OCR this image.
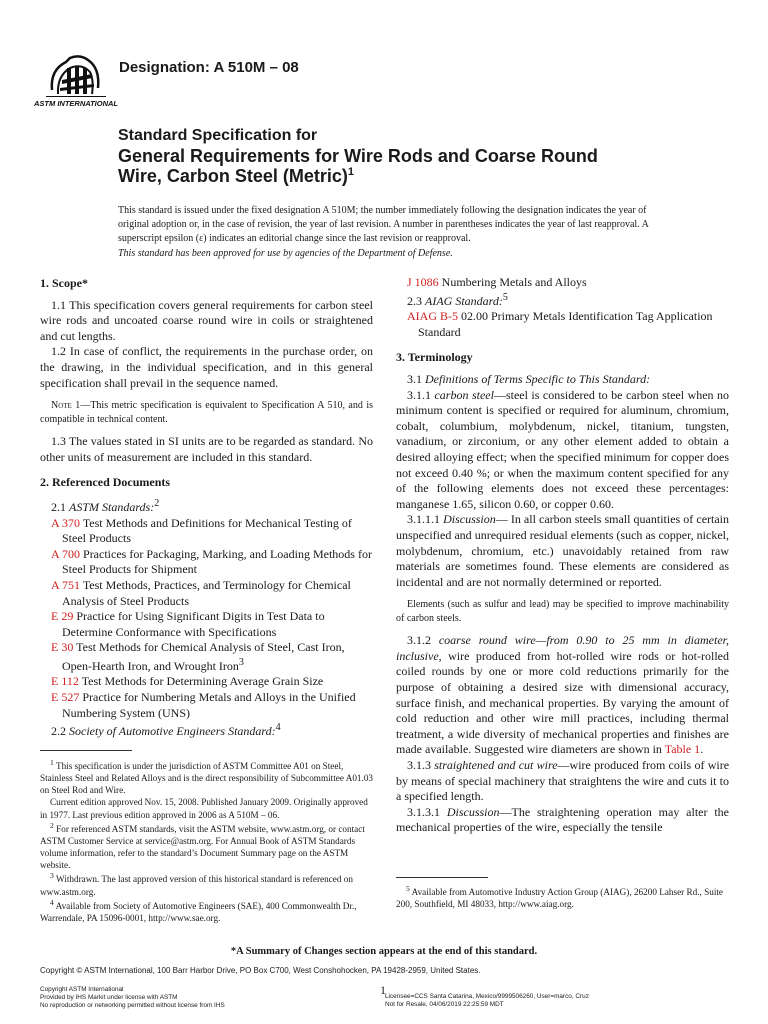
ASTM INTERNATIONAL
Designation: A 510M – 08
Standard Specification for
General Requirements for Wire Rods and Coarse Round
Wire, Carbon Steel (Metric)$^1$
This standard is issued under the fixed designation A 510M; the number immediately following the designation indicates the year of original adoption or, in the case of revision, the year of last revision. A number in parentheses indicates the year of last reapproval. A superscript epsilon (ε) indicates an editorial change since the last revision or reapproval.
This standard has been approved for use by agencies of the Department of Defense.

1. Scope*

1.1 This specification covers general requirements for carbon steel wire rods and uncoated coarse round wire in coils or straightened and cut lengths.

1.2 In case of conflict, the requirements in the purchase order, on the drawing, in the individual specification, and in this general specification shall prevail in the sequence named.

Note 1—This metric specification is equivalent to Specification A 510, and is compatible in technical content.

1.3 The values stated in SI units are to be regarded as standard. No other units of measurement are included in this standard.

2. Referenced Documents

2.1 ASTM Standards:$^2$

A 370 Test Methods and Definitions for Mechanical Testing of Steel Products

A 700 Practices for Packaging, Marking, and Loading Methods for Steel Products for Shipment

A 751 Test Methods, Practices, and Terminology for Chemical Analysis of Steel Products

E 29 Practice for Using Significant Digits in Test Data to Determine Conformance with Specifications

E 30 Test Methods for Chemical Analysis of Steel, Cast Iron, Open-Hearth Iron, and Wrought Iron$^3$

E 112 Test Methods for Determining Average Grain Size

E 527 Practice for Numbering Metals and Alloys in the Unified Numbering System (UNS)

2.2 Society of Automotive Engineers Standard:$^4$

$^1$ This specification is under the jurisdiction of ASTM Committee A01 on Steel, Stainless Steel and Related Alloys and is the direct responsibility of Subcommittee A01.03 on Steel Rod and Wire.

Current edition approved Nov. 15, 2008. Published January 2009. Originally approved in 1977. Last previous edition approved in 2006 as A 510M – 06.

$^2$ For referenced ASTM standards, visit the ASTM website, www.astm.org, or contact ASTM Customer Service at service@astm.org. For Annual Book of ASTM Standards volume information, refer to the standard’s Document Summary page on the ASTM website.

$^3$ Withdrawn. The last approved version of this historical standard is referenced on www.astm.org.

$^4$ Available from Society of Automotive Engineers (SAE), 400 Commonwealth Dr., Warrendale, PA 15096-0001, http://www.sae.org.

J 1086 Numbering Metals and Alloys

2.3 AIAG Standard:$^5$

AIAG B-5 02.00 Primary Metals Identification Tag Application Standard

3. Terminology

3.1 Definitions of Terms Specific to This Standard:

3.1.1 carbon steel—steel is considered to be carbon steel when no minimum content is specified or required for aluminum, chromium, cobalt, columbium, molybdenum, nickel, titanium, tungsten, vanadium, or zirconium, or any other element added to obtain a desired alloying effect; when the specified minimum for copper does not exceed 0.40 %; or when the maximum content specified for any of the following elements does not exceed these percentages: manganese 1.65, silicon 0.60, or copper 0.60.

3.1.1.1 Discussion— In all carbon steels small quantities of certain unspecified and unrequired residual elements (such as copper, nickel, molybdenum, chromium, etc.) unavoidably retained from raw materials are sometimes found. These elements are considered as incidental and are not normally determined or reported.

Elements (such as sulfur and lead) may be specified to improve machinability of carbon steels.

3.1.2 coarse round wire—from 0.90 to 25 mm in diameter, inclusive, wire produced from hot-rolled wire rods or hot-rolled coiled rounds by one or more cold reductions primarily for the purpose of obtaining a desired size with dimensional accuracy, surface finish, and mechanical properties. By varying the amount of cold reduction and other wire mill practices, including thermal treatment, a wide diversity of mechanical properties and finishes are made available. Suggested wire diameters are shown in Table 1.

3.1.3 straightened and cut wire—wire produced from coils of wire by means of special machinery that straightens the wire and cuts it to a specified length.

3.1.3.1 Discussion—The straightening operation may alter the mechanical properties of the wire, especially the tensile

$^5$ Available from Automotive Industry Action Group (AIAG), 26200 Lahser Rd., Suite 200, Southfield, MI 48033, http://www.aiag.org.

*A Summary of Changes section appears at the end of this standard.
Copyright © ASTM International, 100 Barr Harbor Drive, PO Box C700, West Conshohocken, PA 19428-2959, United States.
Copyright ASTM International
Provided by IHS Markit under license with ASTM
No reproduction or networking permitted without license from IHS
1 Licensee=CCS Santa Catarina, Mexico/9999506260, User=marco, Cruz
Not for Resale, 04/06/2019 22:25:59 MDT
